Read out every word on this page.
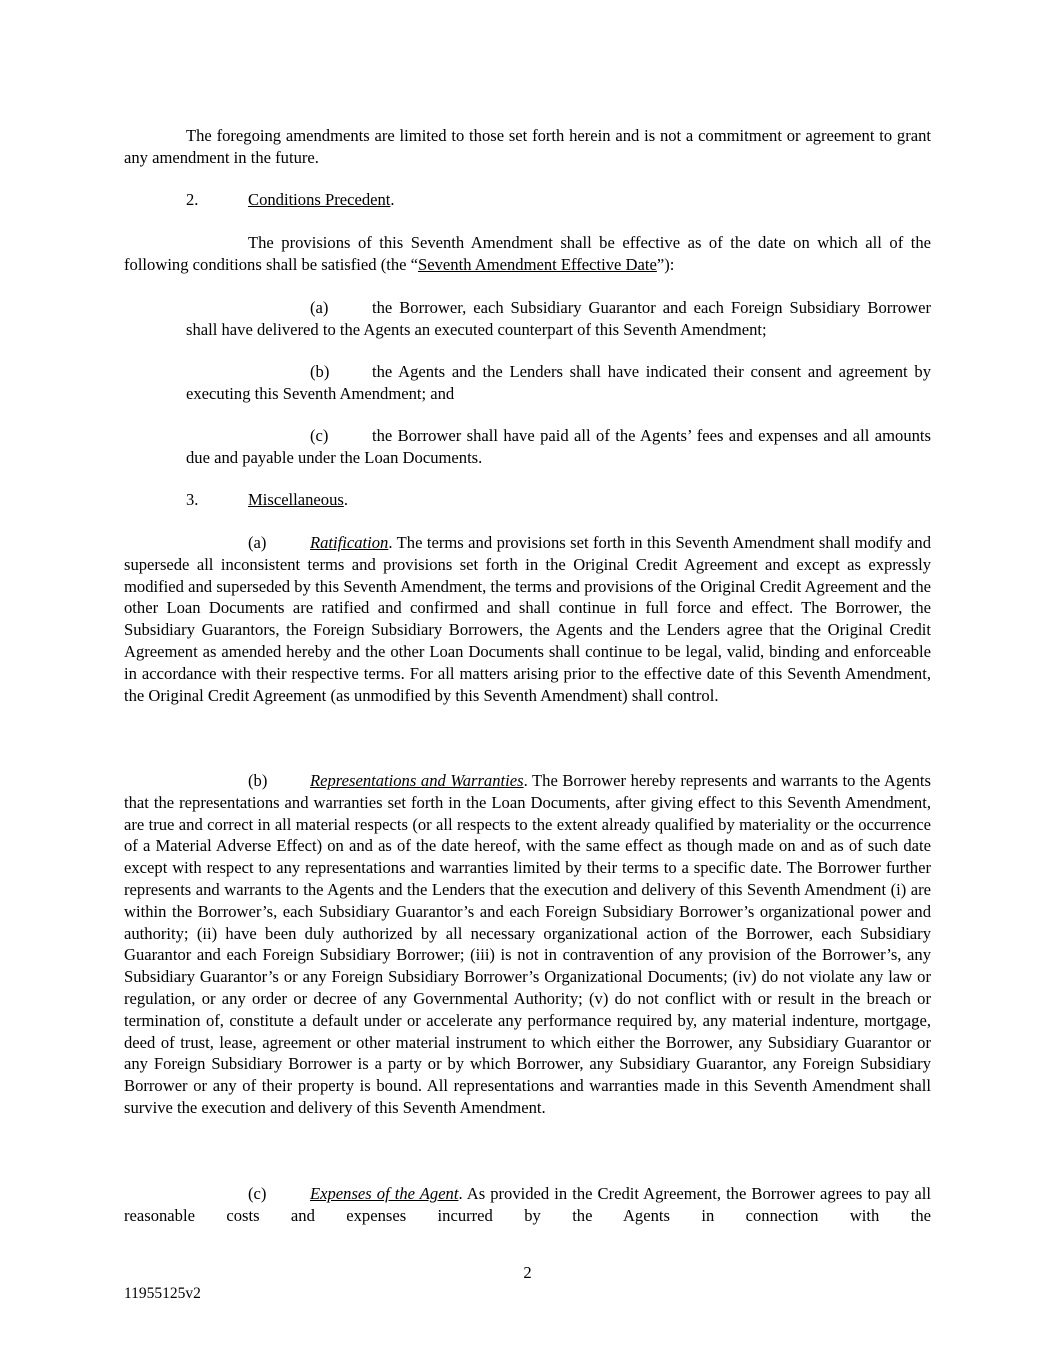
The foregoing amendments are limited to those set forth herein and is not a commitment or agreement to grant any amendment in the future.

2.	Conditions Precedent.

The provisions of this Seventh Amendment shall be effective as of the date on which all of the following conditions shall be satisfied (the “Seventh Amendment Effective Date”):

(a)	the Borrower, each Subsidiary Guarantor and each Foreign Subsidiary Borrower shall have delivered to the Agents an executed counterpart of this Seventh Amendment;

(b)	the Agents and the Lenders shall have indicated their consent and agreement by executing this Seventh Amendment; and

(c)	the Borrower shall have paid all of the Agents’ fees and expenses and all amounts due and payable under the Loan Documents.

3.	Miscellaneous.

(a)	Ratification. The terms and provisions set forth in this Seventh Amendment shall modify and supersede all inconsistent terms and provisions set forth in the Original Credit Agreement and except as expressly modified and superseded by this Seventh Amendment, the terms and provisions of the Original Credit Agreement and the other Loan Documents are ratified and confirmed and shall continue in full force and effect. The Borrower, the Subsidiary Guarantors, the Foreign Subsidiary Borrowers, the Agents and the Lenders agree that the Original Credit Agreement as amended hereby and the other Loan Documents shall continue to be legal, valid, binding and enforceable in accordance with their respective terms. For all matters arising prior to the effective date of this Seventh Amendment, the Original Credit Agreement (as unmodified by this Seventh Amendment) shall control.

(b)	Representations and Warranties. The Borrower hereby represents and warrants to the Agents that the representations and warranties set forth in the Loan Documents, after giving effect to this Seventh Amendment, are true and correct in all material respects (or all respects to the extent already qualified by materiality or the occurrence of a Material Adverse Effect) on and as of the date hereof, with the same effect as though made on and as of such date except with respect to any representations and warranties limited by their terms to a specific date. The Borrower further represents and warrants to the Agents and the Lenders that the execution and delivery of this Seventh Amendment (i) are within the Borrower’s, each Subsidiary Guarantor’s and each Foreign Subsidiary Borrower’s organizational power and authority; (ii) have been duly authorized by all necessary organizational action of the Borrower, each Subsidiary Guarantor and each Foreign Subsidiary Borrower; (iii) is not in contravention of any provision of the Borrower’s, any Subsidiary Guarantor’s or any Foreign Subsidiary Borrower’s Organizational Documents; (iv) do not violate any law or regulation, or any order or decree of any Governmental Authority; (v) do not conflict with or result in the breach or termination of, constitute a default under or accelerate any performance required by, any material indenture, mortgage, deed of trust, lease, agreement or other material instrument to which either the Borrower, any Subsidiary Guarantor or any Foreign Subsidiary Borrower is a party or by which Borrower, any Subsidiary Guarantor, any Foreign Subsidiary Borrower or any of their property is bound. All representations and warranties made in this Seventh Amendment shall survive the execution and delivery of this Seventh Amendment.

(c)	Expenses of the Agent. As provided in the Credit Agreement, the Borrower agrees to pay all reasonable costs and expenses incurred by the Agents in connection with the

2
11955125v2
